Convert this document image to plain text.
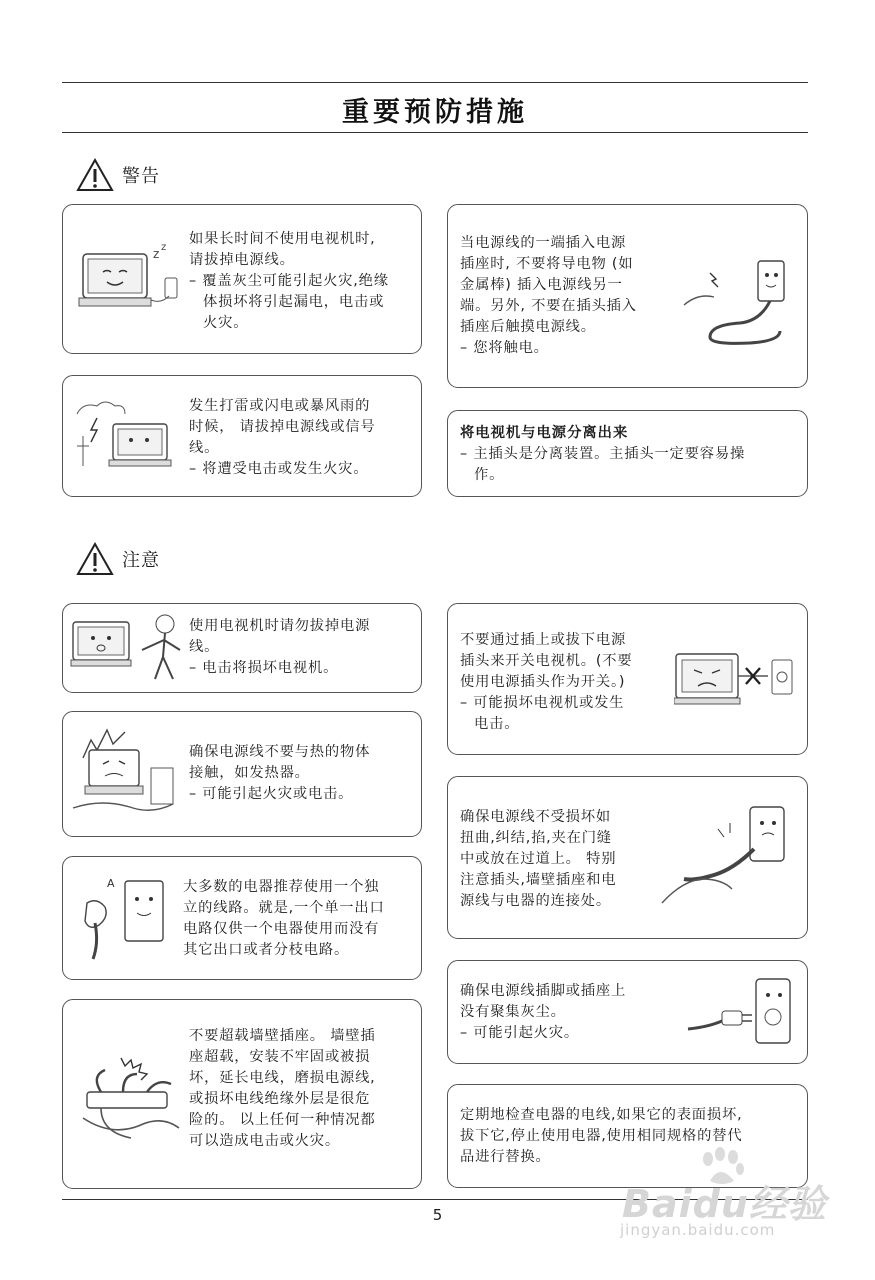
重要预防措施
警告
z z
如果长时间不使用电视机时,
请拔掉电源线。
– 覆盖灰尘可能引起火灾,绝缘
体损坏将引起漏电，电击或
火灾。
当电源线的一端插入电源
插座时, 不要将导电物 (如
金属棒) 插入电源线另一
端。另外, 不要在插头插入
插座后触摸电源线。
– 您将触电。
发生打雷或闪电或暴风雨的
时候， 请拔掉电源线或信号
线。
– 将遭受电击或发生火灾。
将电视机与电源分离出来
– 主插头是分离装置。主插头一定要容易操
作。
注意
使用电视机时请勿拔掉电源
线。
– 电击将损坏电视机。
不要通过插上或拔下电源
插头来开关电视机。(不要
使用电源插头作为开关。)
– 可能损坏电视机或发生
电击。
确保电源线不要与热的物体
接触，如发热器。
– 可能引起火灾或电击。
确保电源线不受损坏如
扭曲,纠结,掐,夹在门缝
中或放在过道上。 特别
注意插头,墙壁插座和电
源线与电器的连接处。
A	大多数的电器推荐使用一个独
立的线路。就是,一个单一出口
电路仅供一个电器使用而没有
其它出口或者分枝电路。
确保电源线插脚或插座上
没有聚集灰尘。
– 可能引起火灾。
不要超载墙壁插座。 墙壁插
座超载，安装不牢固或被损
坏，延长电线，磨损电源线,
或损坏电线绝缘外层是很危
险的。 以上任何一种情况都
可以造成电击或火灾。
定期地检查电器的电线,如果它的表面损坏,
拔下它,停止使用电器,使用相同规格的替代
品进行替换。
5	Baidu经验
jingyan.baidu.com
